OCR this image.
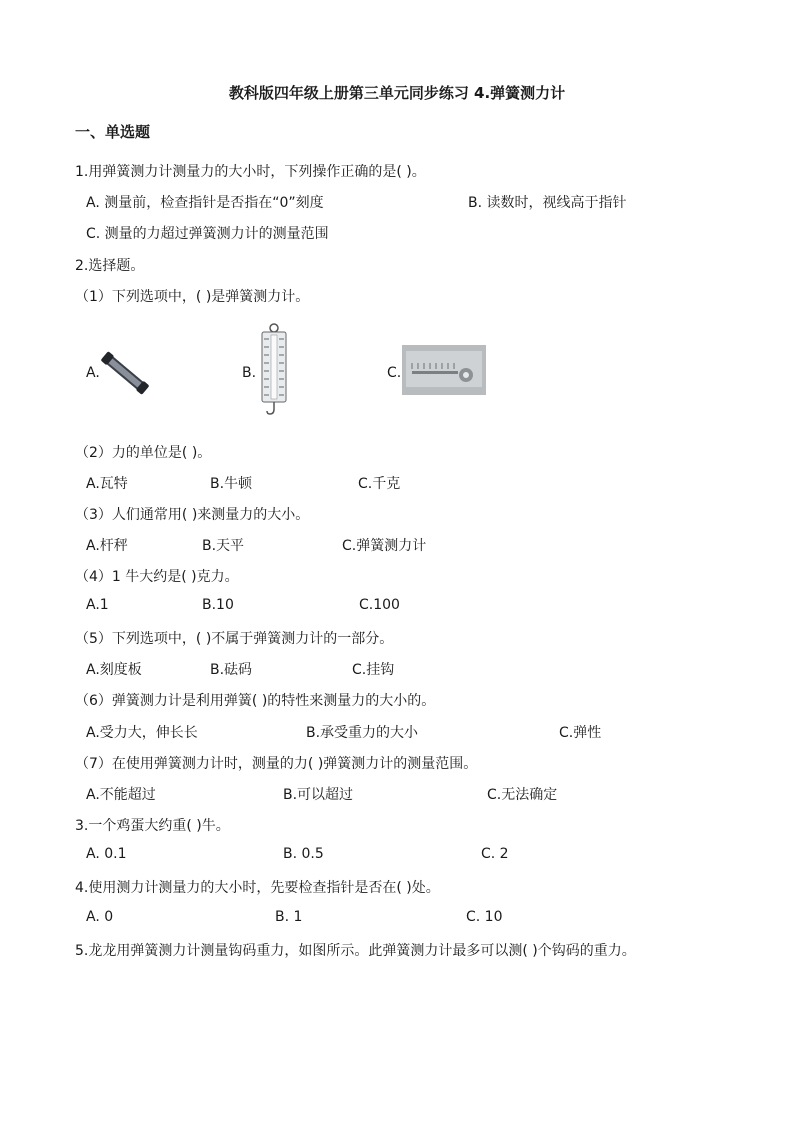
教科版四年级上册第三单元同步练习 4.弹簧测力计
一、单选题
1.用弹簧测力计测量力的大小时，下列操作正确的是( )。
A. 测量前，检查指针是否指在“0”刻度	B. 读数时，视线高于指针
C. 测量的力超过弹簧测力计的测量范围
2.选择题。
（1）下列选项中，( )是弹簧测力计。
A.	B.	C.
（2）力的单位是( )。
A.瓦特	B.牛顿	C.千克
（3）人们通常用( )来测量力的大小。
A.杆秤	B.天平	C.弹簧测力计
（4）1 牛大约是( )克力。
A.1	B.10	C.100
（5）下列选项中，( )不属于弹簧测力计的一部分。
A.刻度板	B.砝码	C.挂钩
（6）弹簧测力计是利用弹簧( )的特性来测量力的大小的。
A.受力大，伸长长	B.承受重力的大小	C.弹性
（7）在使用弹簧测力计时，测量的力( )弹簧测力计的测量范围。
A.不能超过	B.可以超过	C.无法确定
3.一个鸡蛋大约重( )牛。
A. 0.1	B. 0.5	C. 2
4.使用测力计测量力的大小时，先要检查指针是否在( )处。
A. 0	B. 1	C. 10
5.龙龙用弹簧测力计测量钩码重力，如图所示。此弹簧测力计最多可以测( )个钩码的重力。
